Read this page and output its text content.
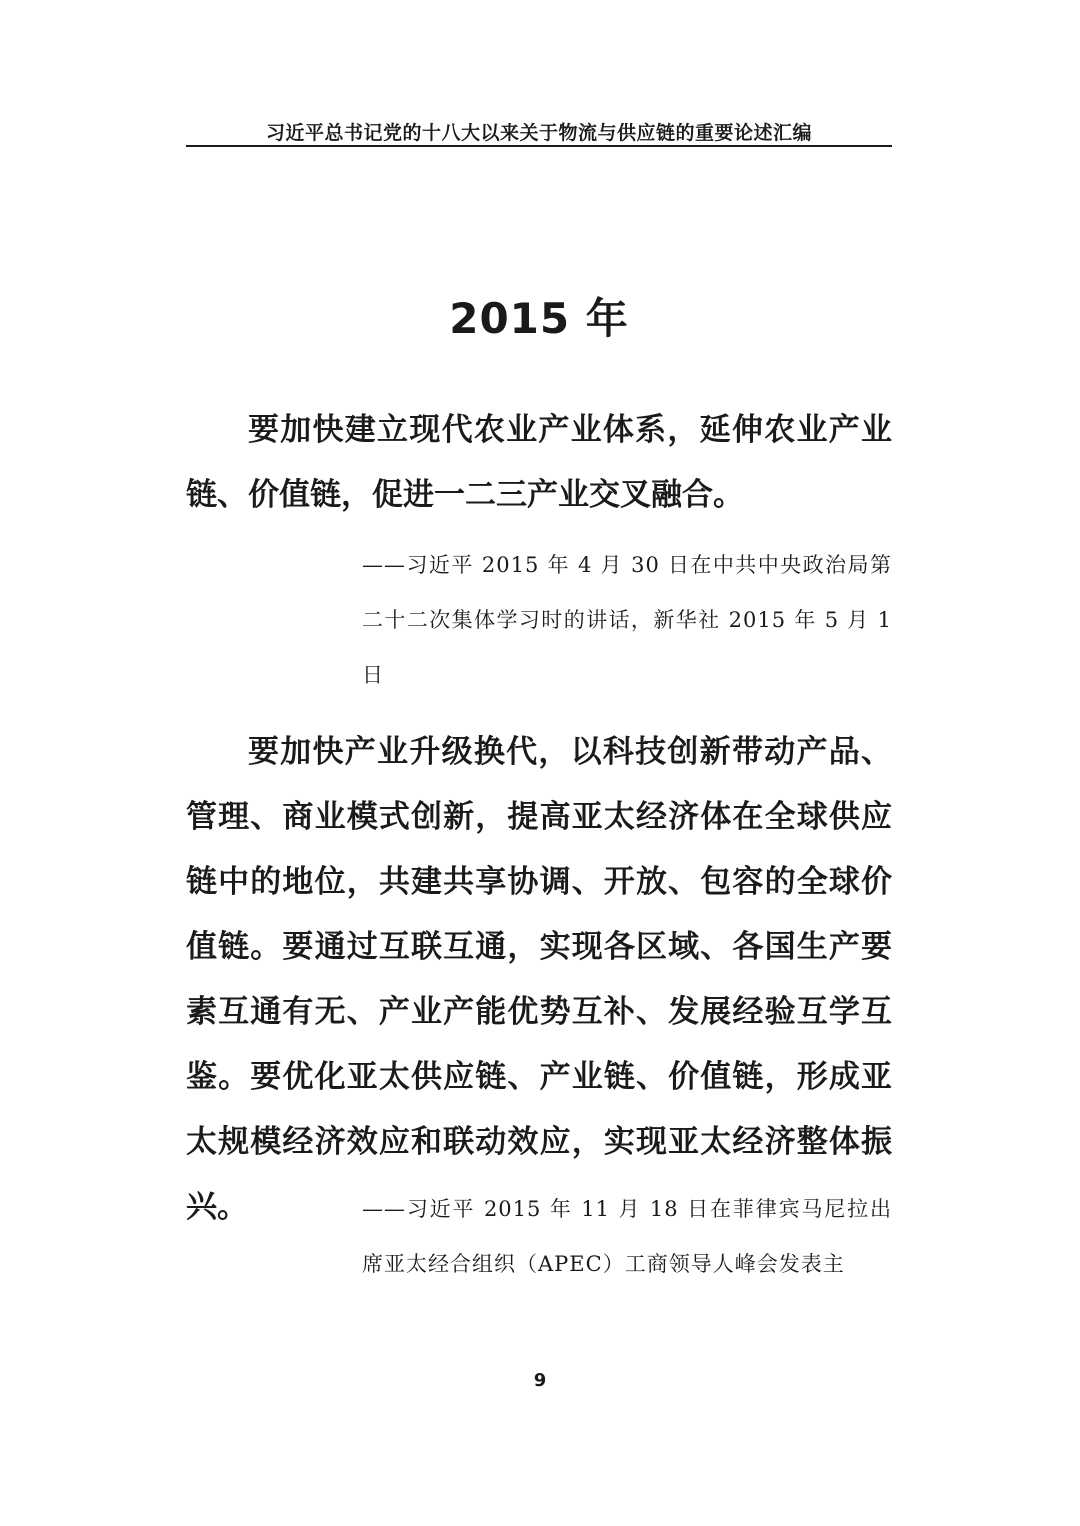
习近平总书记党的十八大以来关于物流与供应链的重要论述汇编
2015 年

要加快建立现代农业产业体系，延伸农业产业链、价值链，促进一二三产业交叉融合。

——习近平 2015 年 4 月 30 日在中共中央政治局第二十二次集体学习时的讲话，新华社 2015 年 5 月 1 日

要加快产业升级换代，以科技创新带动产品、管理、商业模式创新，提高亚太经济体在全球供应链中的地位，共建共享协调、开放、包容的全球价值链。要通过互联互通，实现各区域、各国生产要素互通有无、产业产能优势互补、发展经验互学互鉴。要优化亚太供应链、产业链、价值链，形成亚太规模经济效应和联动效应，实现亚太经济整体振兴。	——习近平 2015 年 11 月 18 日在菲律宾马尼拉出席亚太经合组织（APEC）工商领导人峰会发表主

9
